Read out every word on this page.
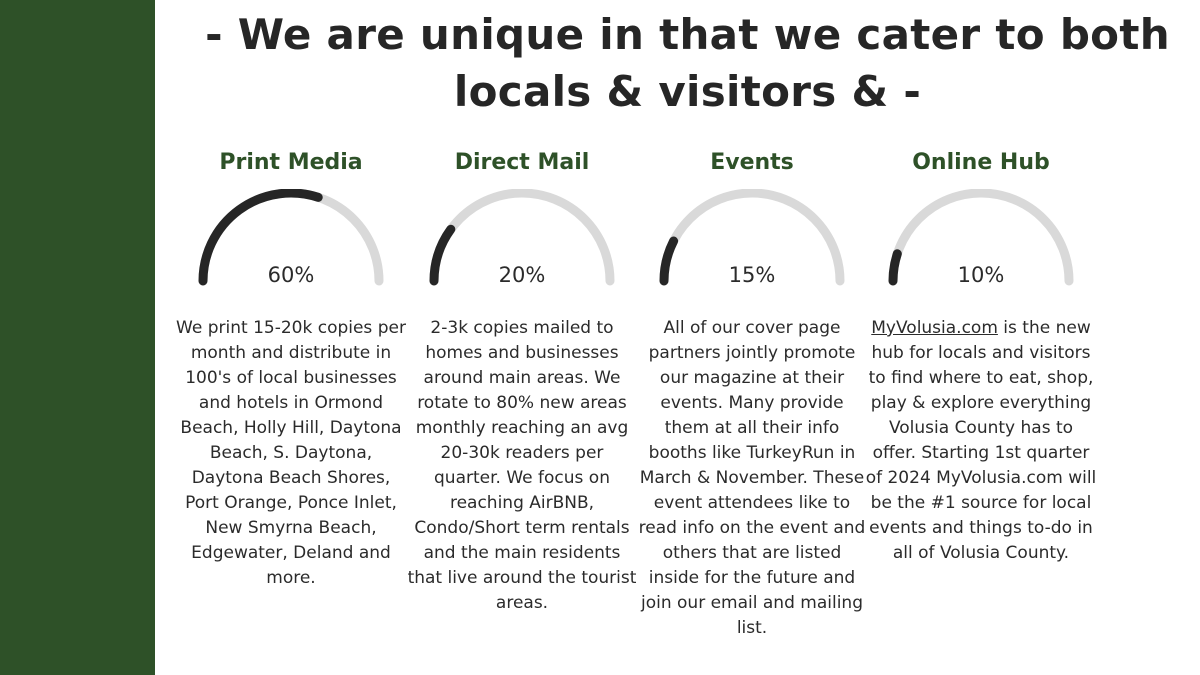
- We are unique in that we cater to both
locals & visitors & -
Print Media
60%
We print 15-20k copies per month and distribute in 100's of local businesses and hotels in Ormond Beach, Holly Hill, Daytona Beach, S. Daytona, Daytona Beach Shores, Port Orange, Ponce Inlet, New Smyrna Beach, Edgewater, Deland and more.
Direct Mail
20%
2-3k copies mailed to homes and businesses around main areas. We rotate to 80% new areas monthly reaching an avg 20-30k readers per quarter. We focus on reaching AirBNB, Condo/Short term rentals and the main residents that live around the tourist areas.
Events
15%
All of our cover page partners jointly promote our magazine at their events. Many provide them at all their info booths like TurkeyRun in March & November. These event attendees like to read info on the event and others that are listed inside for the future and join our email and mailing list.
Online Hub
10%
MyVolusia.com is the new hub for locals and visitors to find where to eat, shop, play & explore everything Volusia County has to offer. Starting 1st quarter of 2024 MyVolusia.com will be the #1 source for local events and things to-do in all of Volusia County.
